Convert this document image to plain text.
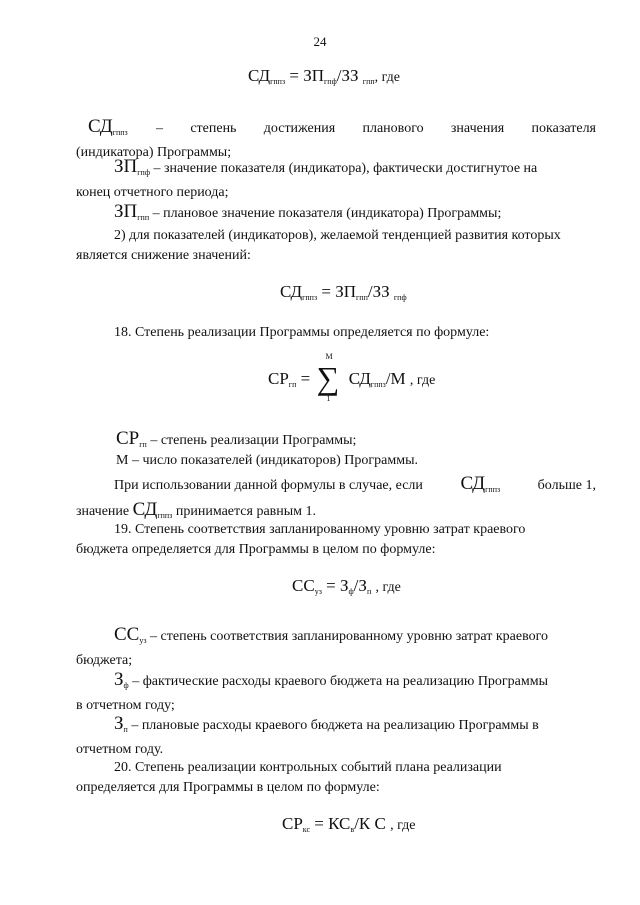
24
$СД_{гппз} = ЗП_{гпф}/ЗЗ$ $_{гпп}$, где
$СД_{гппз}$ – степень достижения планового значения показателя
(индикатора) Программы;
$ЗП_{гпф}$ – значение показателя (индикатора), фактически достигнутое на
конец отчетного периода;
$ЗП_{гпп}$ – плановое значение показателя (индикатора) Программы;
2) для показателей (индикаторов), желаемой тенденцией развития которых
является снижение значений:
$СД_{гппз} = ЗП_{гпп}/ЗЗ$ $_{гпф}$
18. Степень реализации Программы определяется по формуле:
$СР_{гп}$ =
M
∑
1
$СД_{гппз}/M$ , где
$СР_{гп}$ – степень реализации Программы;
М – число показателей (индикаторов) Программы.
При использовании данной формулы в случае, если $СД_{гппз}$	больше 1,
значение $СД_{гппз}$ принимается равным 1.
19. Степень соответствия запланированному уровню затрат краевого
бюджета определяется для Программы в целом по формуле:
$СС_{уз} = З_ф/З_п$ , где
$СС_{уз}$ – степень соответствия запланированному уровню затрат краевого
бюджета;
$З_ф$ – фактические расходы краевого бюджета на реализацию Программы
в отчетном году;
$З_п$ – плановые расходы краевого бюджета на реализацию Программы в
отчетном году.
20. Степень реализации контрольных событий плана реализации
определяется для Программы в целом по формуле:
$СР_{кс} = КС_в/К$ С , где
